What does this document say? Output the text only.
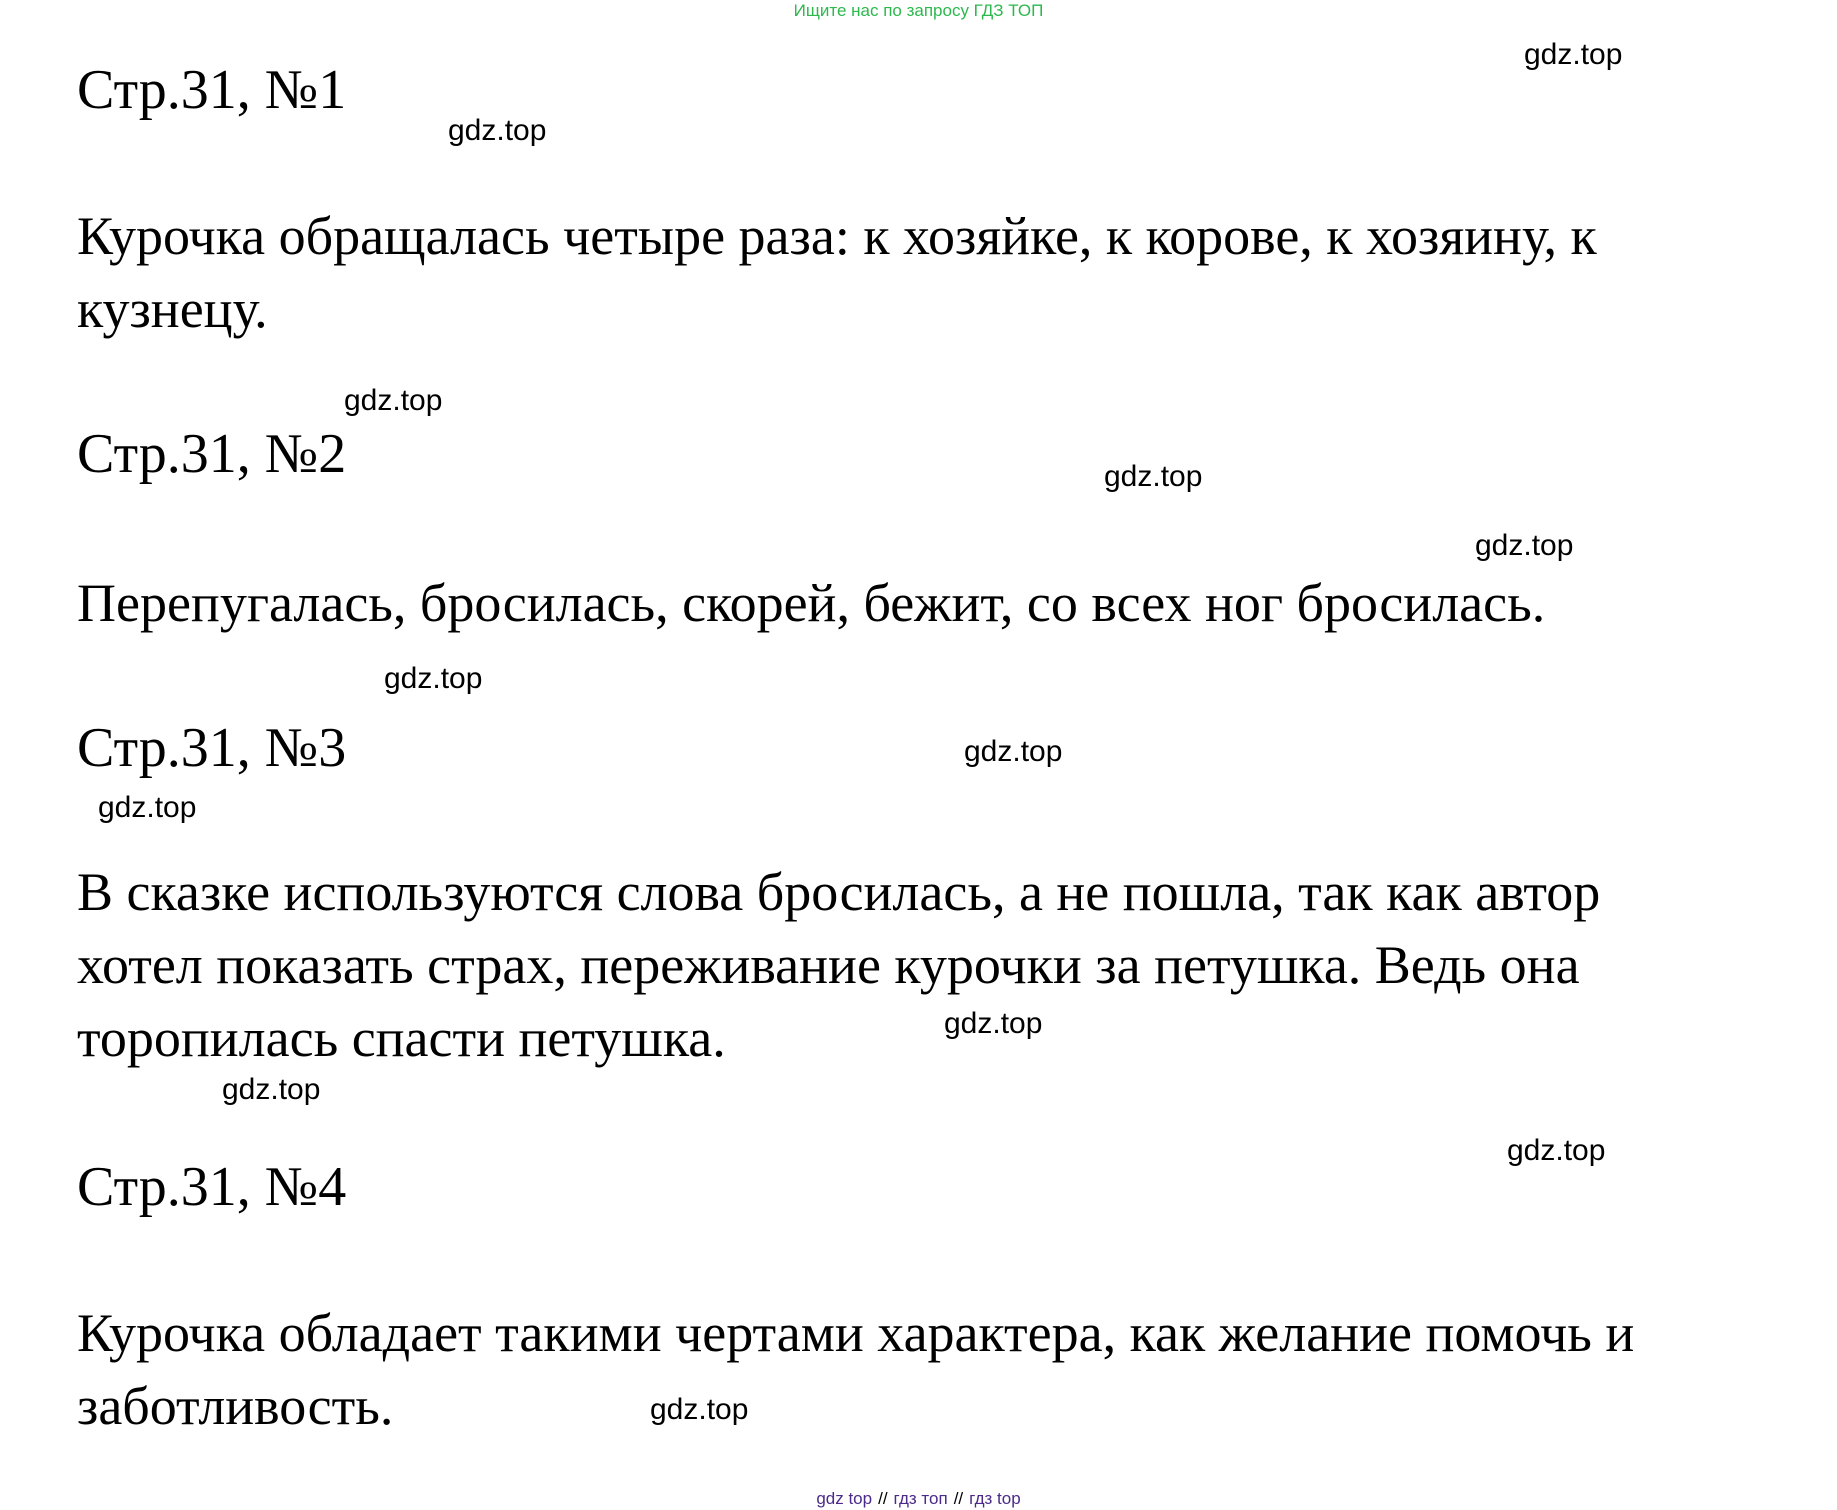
Ищите нас по запросу ГДЗ ТОП
Стр.31, №1

Курочка обращалась четыре раза: к хозяйке, к корове, к хозяину, к
кузнецу.

Стр.31, №2

Перепугалась, бросилась, скорей, бежит, со всех ног бросилась.

Стр.31, №3

В сказке используются слова бросилась, а не пошла, так как автор
хотел показать страх, переживание курочки за петушка. Ведь она
торопилась спасти петушка.

Стр.31, №4

Курочка обладает такими чертами характера, как желание помочь и
заботливость.

gdz.top
gdz.top
gdz.top
gdz.top
gdz.top
gdz.top
gdz.top
gdz.top
gdz.top
gdz.top
gdz.top
gdz.top
gdz top // гдз топ // гдз top
